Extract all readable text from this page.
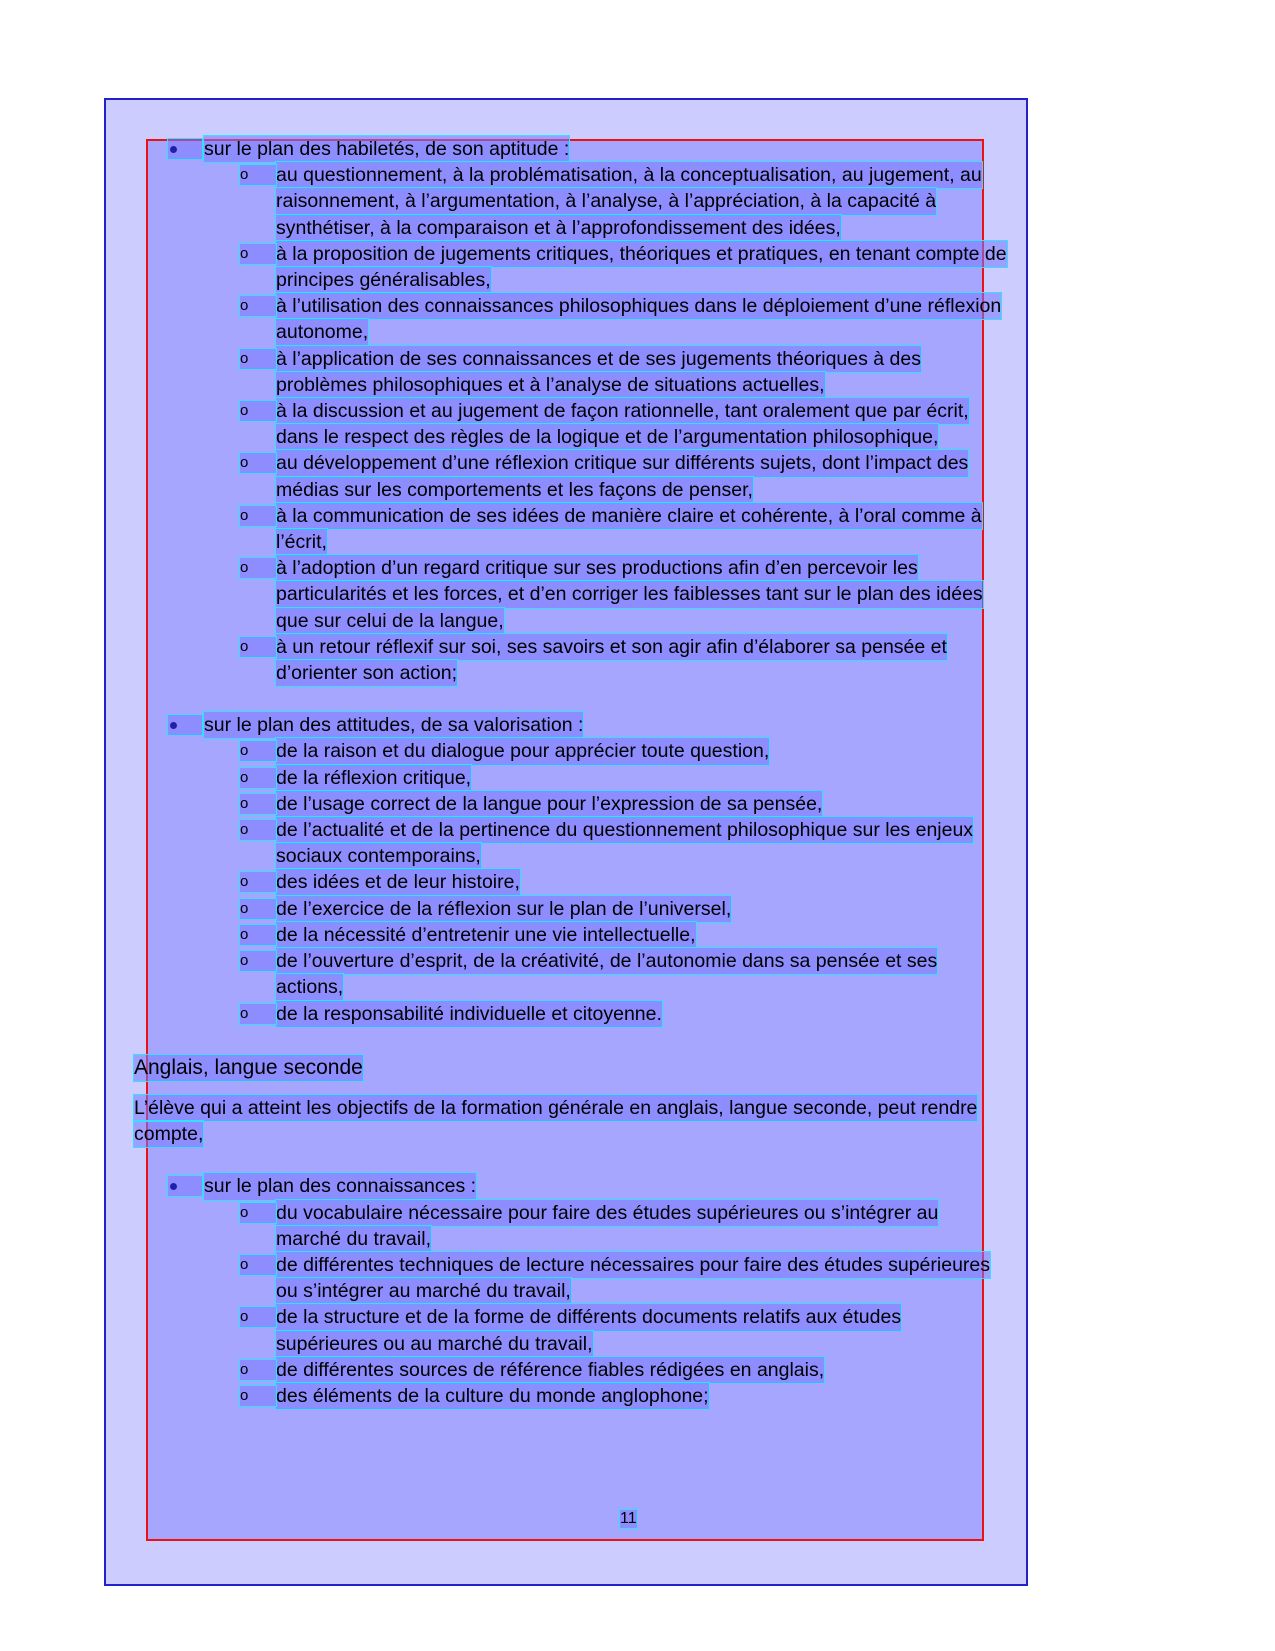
sur le plan des habiletés, de son aptitude :
o	au questionnement, à la problématisation, à la conceptualisation, au jugement, au
raisonnement, à l’argumentation, à l’analyse, à l’appréciation, à la capacité à
synthétiser, à la comparaison et à l’approfondissement des idées,
o	à la proposition de jugements critiques, théoriques et pratiques, en tenant compte de
principes généralisables,
o	à l’utilisation des connaissances philosophiques dans le déploiement d’une réflexion
autonome,
o	à l’application de ses connaissances et de ses jugements théoriques à des
problèmes philosophiques et à l’analyse de situations actuelles,
o	à la discussion et au jugement de façon rationnelle, tant oralement que par écrit,
dans le respect des règles de la logique et de l’argumentation philosophique,
o	au développement d’une réflexion critique sur différents sujets, dont l’impact des
médias sur les comportements et les façons de penser,
o	à la communication de ses idées de manière claire et cohérente, à l’oral comme à
l’écrit,
o	à l’adoption d’un regard critique sur ses productions afin d’en percevoir les
particularités et les forces, et d’en corriger les faiblesses tant sur le plan des idées
que sur celui de la langue,
o	à un retour réflexif sur soi, ses savoirs et son agir afin d’élaborer sa pensée et
d’orienter son action;
sur le plan des attitudes, de sa valorisation :
o	de la raison et du dialogue pour apprécier toute question,
o	de la réflexion critique,
o	de l’usage correct de la langue pour l’expression de sa pensée,
o	de l’actualité et de la pertinence du questionnement philosophique sur les enjeux
sociaux contemporains,
o	des idées et de leur histoire,
o	de l’exercice de la réflexion sur le plan de l’universel,
o	de la nécessité d’entretenir une vie intellectuelle,
o	de l’ouverture d’esprit, de la créativité, de l’autonomie dans sa pensée et ses
actions,
o	de la responsabilité individuelle et citoyenne.
Anglais, langue seconde
L’élève qui a atteint les objectifs de la formation générale en anglais, langue seconde, peut rendre
compte,
sur le plan des connaissances :
o	du vocabulaire nécessaire pour faire des études supérieures ou s’intégrer au
marché du travail,
o	de différentes techniques de lecture nécessaires pour faire des études supérieures
ou s’intégrer au marché du travail,
o	de la structure et de la forme de différents documents relatifs aux études
supérieures ou au marché du travail,
o	de différentes sources de référence fiables rédigées en anglais,
o	des éléments de la culture du monde anglophone;
11
